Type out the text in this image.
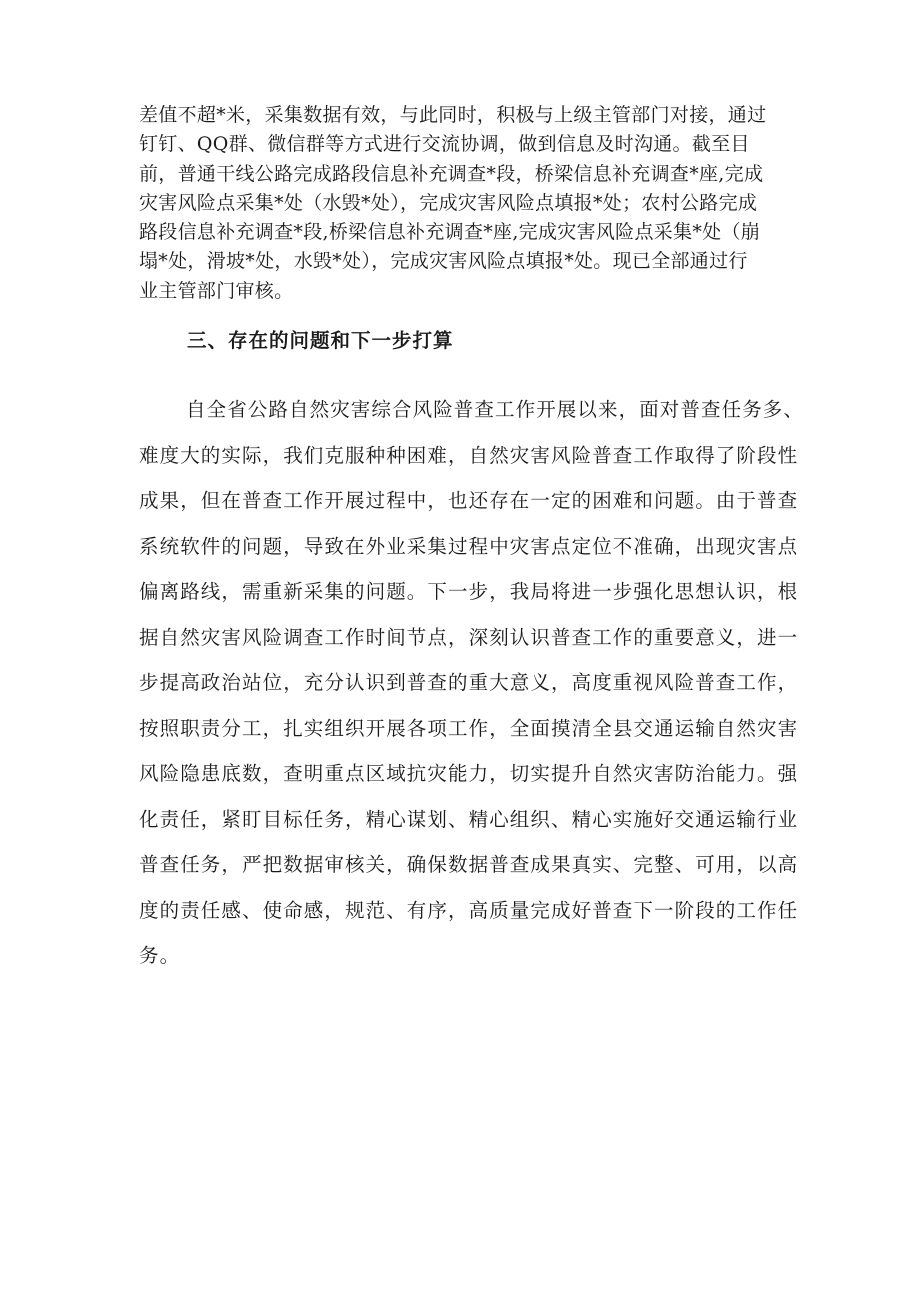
差值不超*米，采集数据有效，与此同时，积极与上级主管部门对接，通过
钉钉、QQ群、微信群等方式进行交流协调，做到信息及时沟通。截至目
前，普通干线公路完成路段信息补充调查*段，桥梁信息补充调查*座,完成
灾害风险点采集*处（水毁*处），完成灾害风险点填报*处；农村公路完成
路段信息补充调查*段,桥梁信息补充调查*座,完成灾害风险点采集*处（崩
塌*处，滑坡*处，水毁*处），完成灾害风险点填报*处。现已全部通过行
业主管部门审核。
三、存在的问题和下一步打算
自全省公路自然灾害综合风险普查工作开展以来，面对普查任务多、
难度大的实际，我们克服种种困难，自然灾害风险普查工作取得了阶段性
成果，但在普查工作开展过程中，也还存在一定的困难和问题。由于普查
系统软件的问题，导致在外业采集过程中灾害点定位不准确，出现灾害点
偏离路线，需重新采集的问题。下一步，我局将进一步强化思想认识，根
据自然灾害风险调查工作时间节点，深刻认识普查工作的重要意义，进一
步提高政治站位，充分认识到普查的重大意义，高度重视风险普查工作，
按照职责分工，扎实组织开展各项工作，全面摸清全县交通运输自然灾害
风险隐患底数，查明重点区域抗灾能力，切实提升自然灾害防治能力。强
化责任，紧盯目标任务，精心谋划、精心组织、精心实施好交通运输行业
普查任务，严把数据审核关，确保数据普查成果真实、完整、可用，以高
度的责任感、使命感，规范、有序，高质量完成好普查下一阶段的工作任
务。
